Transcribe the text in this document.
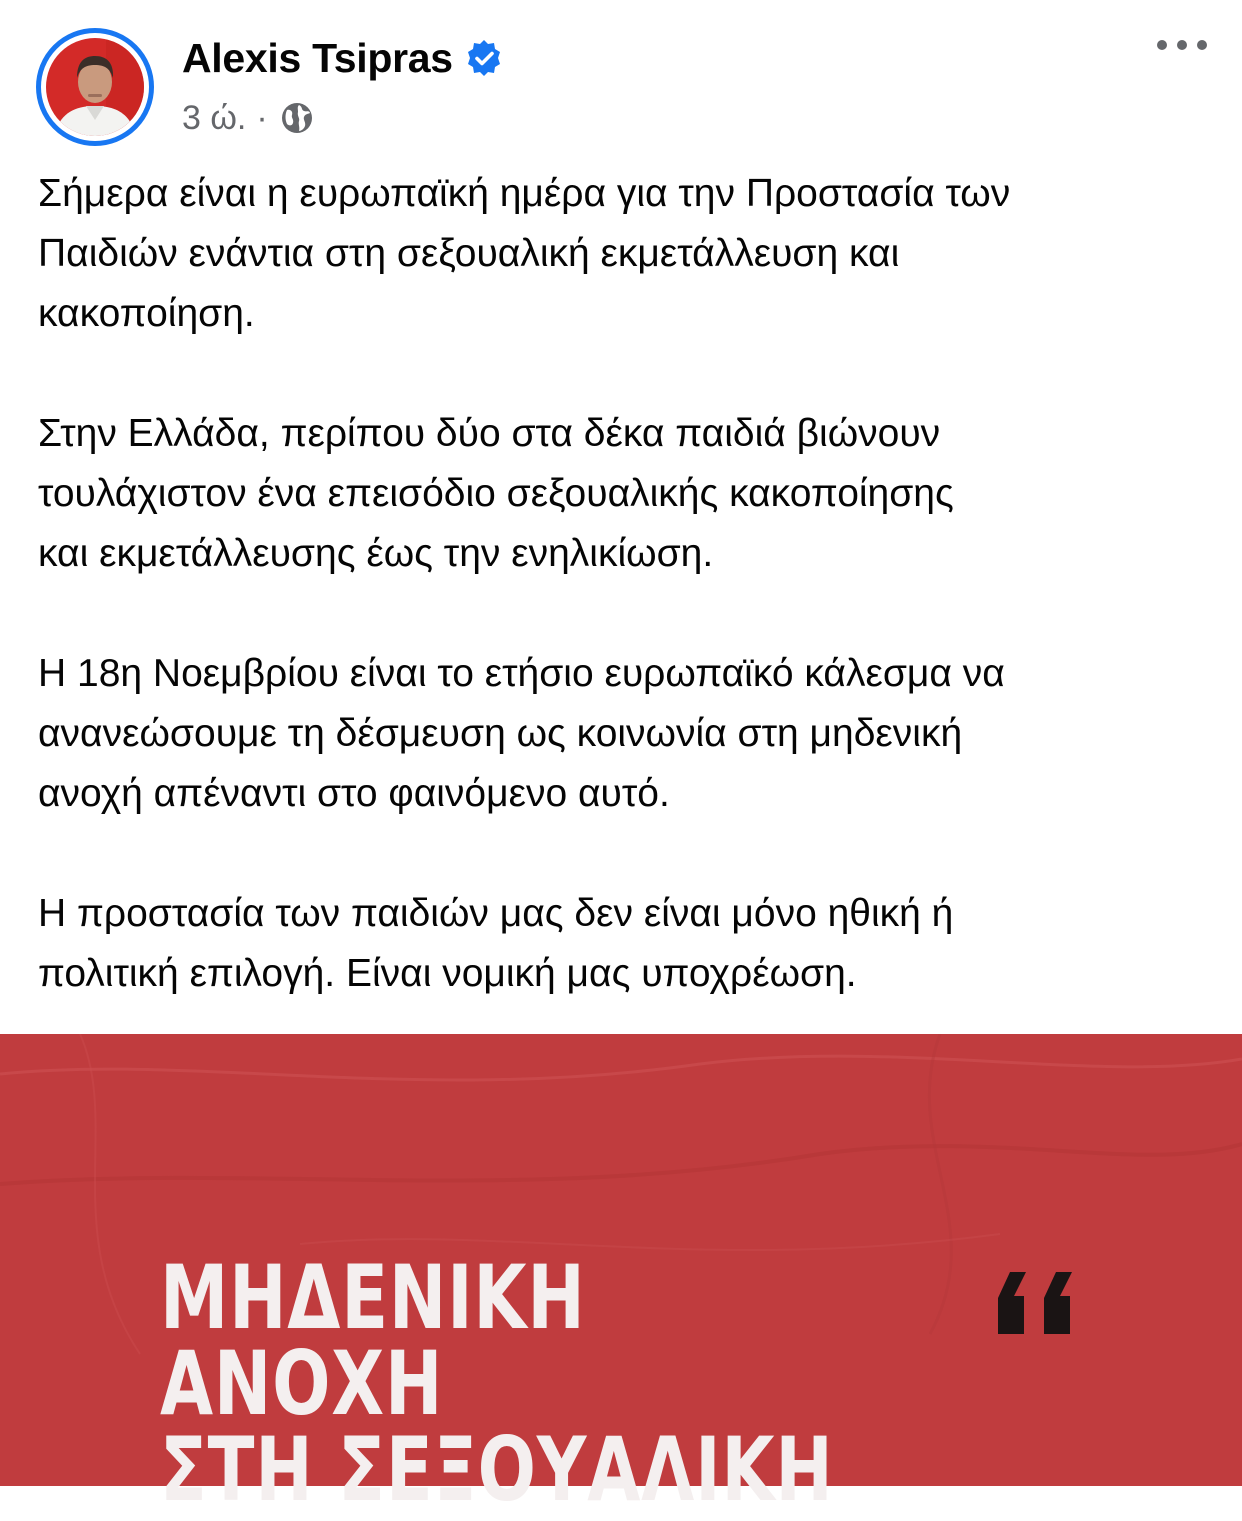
Alexis Tsipras
3 ώ. ·

Σήμερα είναι η ευρωπαϊκή ημέρα για την Προστασία των
Παιδιών ενάντια στη σεξουαλική εκμετάλλευση και
κακοποίηση.

Στην Ελλάδα, περίπου δύο στα δέκα παιδιά βιώνουν
τουλάχιστον ένα επεισόδιο σεξουαλικής κακοποίησης
και εκμετάλλευσης έως την ενηλικίωση.

Η 18η Νοεμβρίου είναι το ετήσιο ευρωπαϊκό κάλεσμα να
ανανεώσουμε τη δέσμευση ως κοινωνία στη μηδενική
ανοχή απέναντι στο φαινόμενο αυτό.

Η προστασία των παιδιών μας δεν είναι μόνο ηθική ή
πολιτική επιλογή. Είναι νομική μας υποχρέωση.

ΜΗΔΕΝΙΚΗ
ΑΝΟΧΗ
ΣΤΗ ΣΕΞΟΥΑΛΙΚΗ
